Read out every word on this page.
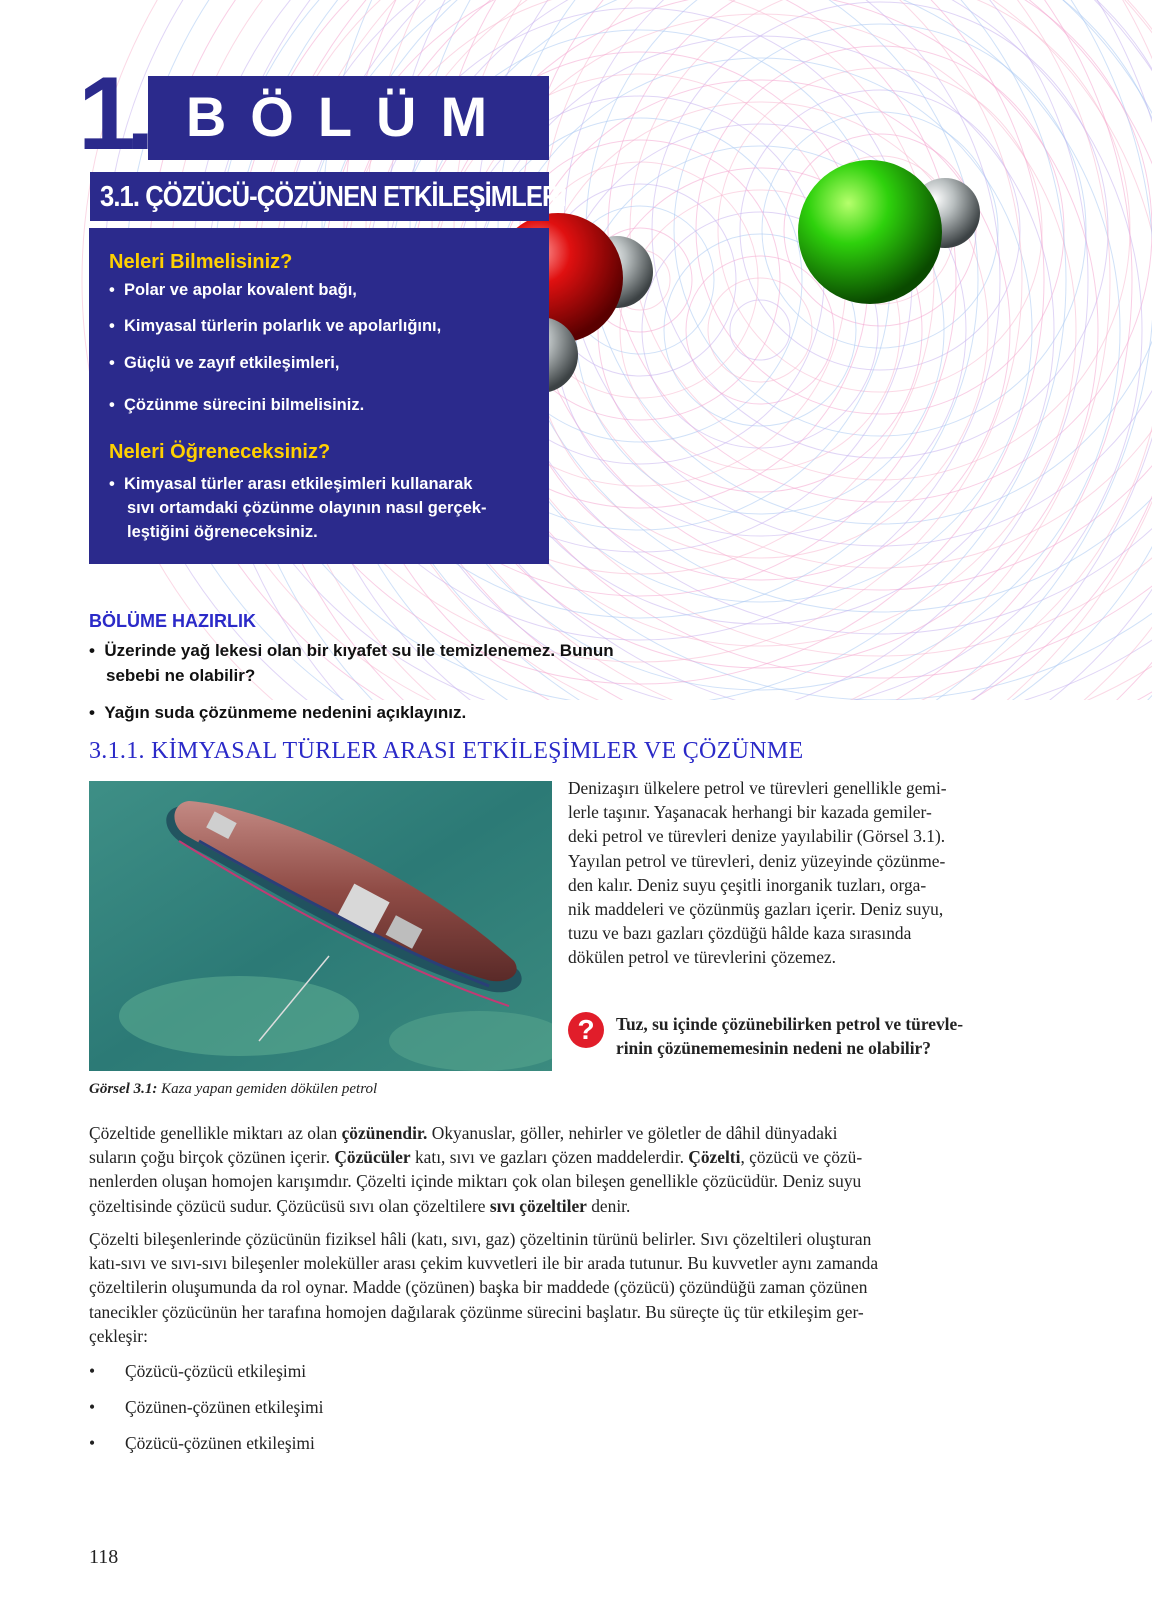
1. BÖLÜM
3.1. ÇÖZÜCÜ-ÇÖZÜNEN ETKİLEŞİMLERİ
Neleri Bilmelisiniz?
• Polar ve apolar kovalent bağı,
• Kimyasal türlerin polarlık ve apolarlığını,
• Güçlü ve zayıf etkileşimleri,
• Çözünme sürecini bilmelisiniz.
Neleri Öğreneceksiniz?
• Kimyasal türler arası etkileşimleri kullanarak
sıvı ortamdaki çözünme olayının nasıl gerçek-
leştiğini öğreneceksiniz.
BÖLÜME HAZIRLIK
• Üzerinde yağ lekesi olan bir kıyafet su ile temizlenemez. Bunun
sebebi ne olabilir?
• Yağın suda çözünmeme nedenini açıklayınız.
3.1.1. KİMYASAL TÜRLER ARASI ETKİLEŞİMLER VE ÇÖZÜNME
Denizaşırı ülkelere petrol ve türevleri genellikle gemi-
lerle taşınır. Yaşanacak herhangi bir kazada gemiler-
deki petrol ve türevleri denize yayılabilir (Görsel 3.1).
Yayılan petrol ve türevleri, deniz yüzeyinde çözünme-
den kalır. Deniz suyu çeşitli inorganik tuzları, orga-
nik maddeleri ve çözünmüş gazları içerir. Deniz suyu,
tuzu ve bazı gazları çözdüğü hâlde kaza sırasında
dökülen petrol ve türevlerini çözemez.
?	Tuz, su içinde çözünebilirken petrol ve türevle-
rinin çözünememesinin nedeni ne olabilir?
Görsel 3.1: Kaza yapan gemiden dökülen petrol
Çözeltide genellikle miktarı az olan çözünendir. Okyanuslar, göller, nehirler ve göletler de dâhil dünyadaki
suların çoğu birçok çözünen içerir. Çözücüler katı, sıvı ve gazları çözen maddelerdir. Çözelti, çözücü ve çözü-
nenlerden oluşan homojen karışımdır. Çözelti içinde miktarı çok olan bileşen genellikle çözücüdür. Deniz suyu
çözeltisinde çözücü sudur. Çözücüsü sıvı olan çözeltilere sıvı çözeltiler denir.
Çözelti bileşenlerinde çözücünün fiziksel hâli (katı, sıvı, gaz) çözeltinin türünü belirler. Sıvı çözeltileri oluşturan
katı-sıvı ve sıvı-sıvı bileşenler moleküller arası çekim kuvvetleri ile bir arada tutunur. Bu kuvvetler aynı zamanda
çözeltilerin oluşumunda da rol oynar. Madde (çözünen) başka bir maddede (çözücü) çözündüğü zaman çözünen
tanecikler çözücünün her tarafına homojen dağılarak çözünme sürecini başlatır. Bu süreçte üç tür etkileşim ger-
çekleşir:
• Çözücü-çözücü etkileşimi
• Çözünen-çözünen etkileşimi
• Çözücü-çözünen etkileşimi
118
